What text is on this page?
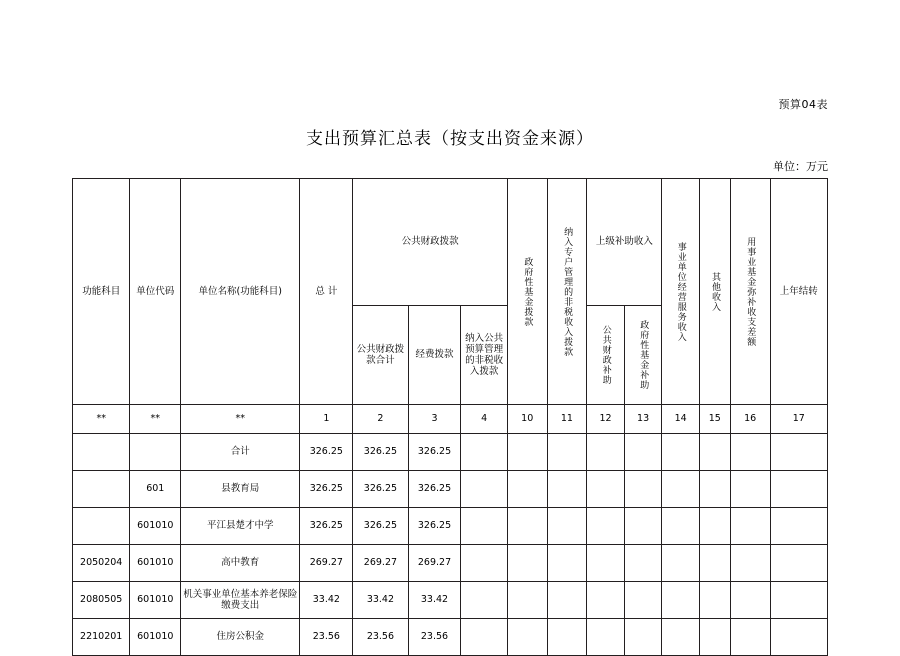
预算04表
支出预算汇总表（按支出资金来源）
单位：万元
功能科目	单位代码	单位名称(功能科目)	总 计	公共财政拨款			政府性基金拨款	纳入专户管理的非税收入拨款	上级补助收入		事业单位经营服务收入	其他收入	用事业基金弥补收支差额	上年结转

				公共财政拨款合计	经费拨款	纳入公共预算管理的非税收入拨款			公共财政补助	政府性基金补助				

**	**	**	1	2	3	4	10	11	12	13	14	15	16	17
		合计	326.25	326.25	326.25									
	601	县教育局	326.25	326.25	326.25									
	601010	平江县楚才中学	326.25	326.25	326.25									
2050204	601010	高中教育	269.27	269.27	269.27									
2080505	601010	机关事业单位基本养老保险缴费支出	33.42	33.42	33.42									
2210201	601010	住房公积金	23.56	23.56	23.56									
